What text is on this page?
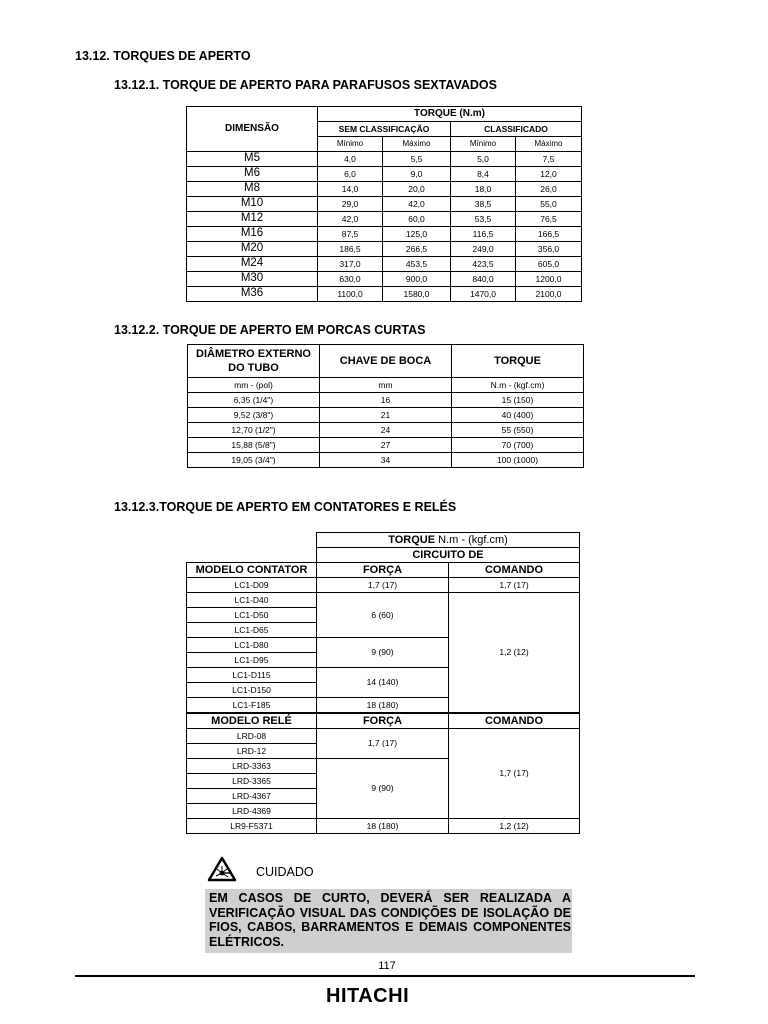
13.12. TORQUES DE APERTO
13.12.1. TORQUE DE APERTO PARA PARAFUSOS SEXTAVADOS
DIMENSÃO	TORQUE (N.m)			
	SEM CLASSIFICAÇÃO		CLASSIFICADO	
	Mínimo	Máximo	Mínimo	Máximo
M5	4,0	5,5	5,0	7,5
M6	6,0	9,0	8,4	12,0
M8	14,0	20,0	18,0	26,0
M10	29,0	42,0	38,5	55,0
M12	42,0	60,0	53,5	76,5
M16	87,5	125,0	116,5	166,5
M20	186,5	266,5	249,0	356,0
M24	317,0	453,5	423,5	605,0
M30	630,0	900,0	840,0	1200,0
M36	1100,0	1580,0	1470,0	2100,0
13.12.2. TORQUE DE APERTO EM PORCAS CURTAS
DIÂMETRO EXTERNO DO TUBO	CHAVE DE BOCA	TORQUE
mm - (pol)	mm	N.m - (kgf.cm)
6,35 (1/4")	16	15 (150)
9,52 (3/8")	21	40 (400)
12,70 (1/2")	24	55 (550)
15,88 (5/8")	27	70 (700)
19,05 (3/4")	34	100 (1000)
13.12.3.TORQUE DE APERTO EM CONTATORES E RELÉS
	TORQUE N.m - (kgf.cm)	
	CIRCUITO DE	
MODELO CONTATOR	FORÇA	COMANDO
LC1-D09	1,7 (17)	1,7 (17)
LC1-D40	6 (60)	1,2 (12)
LC1-D50		
LC1-D65		
LC1-D80	9 (90)	
LC1-D95		
LC1-D115	14 (140)	
LC1-D150		
LC1-F185	18 (180)	
MODELO RELÉ	FORÇA	COMANDO
LRD-08	1,7 (17)	1,7 (17)
LRD-12		
LRD-3363	9 (90)	
LRD-3365		
LRD-4367		
LRD-4369		
LR9-F5371	18 (180)	1,2 (12)
CUIDADO
EM CASOS DE CURTO, DEVERÁ SER REALIZADA A VERIFICAÇÃO VISUAL DAS CONDIÇÕES DE ISOLAÇÃO DE FIOS, CABOS, BARRAMENTOS E DEMAIS COMPONENTES ELÉTRICOS.
117
HITACHI
